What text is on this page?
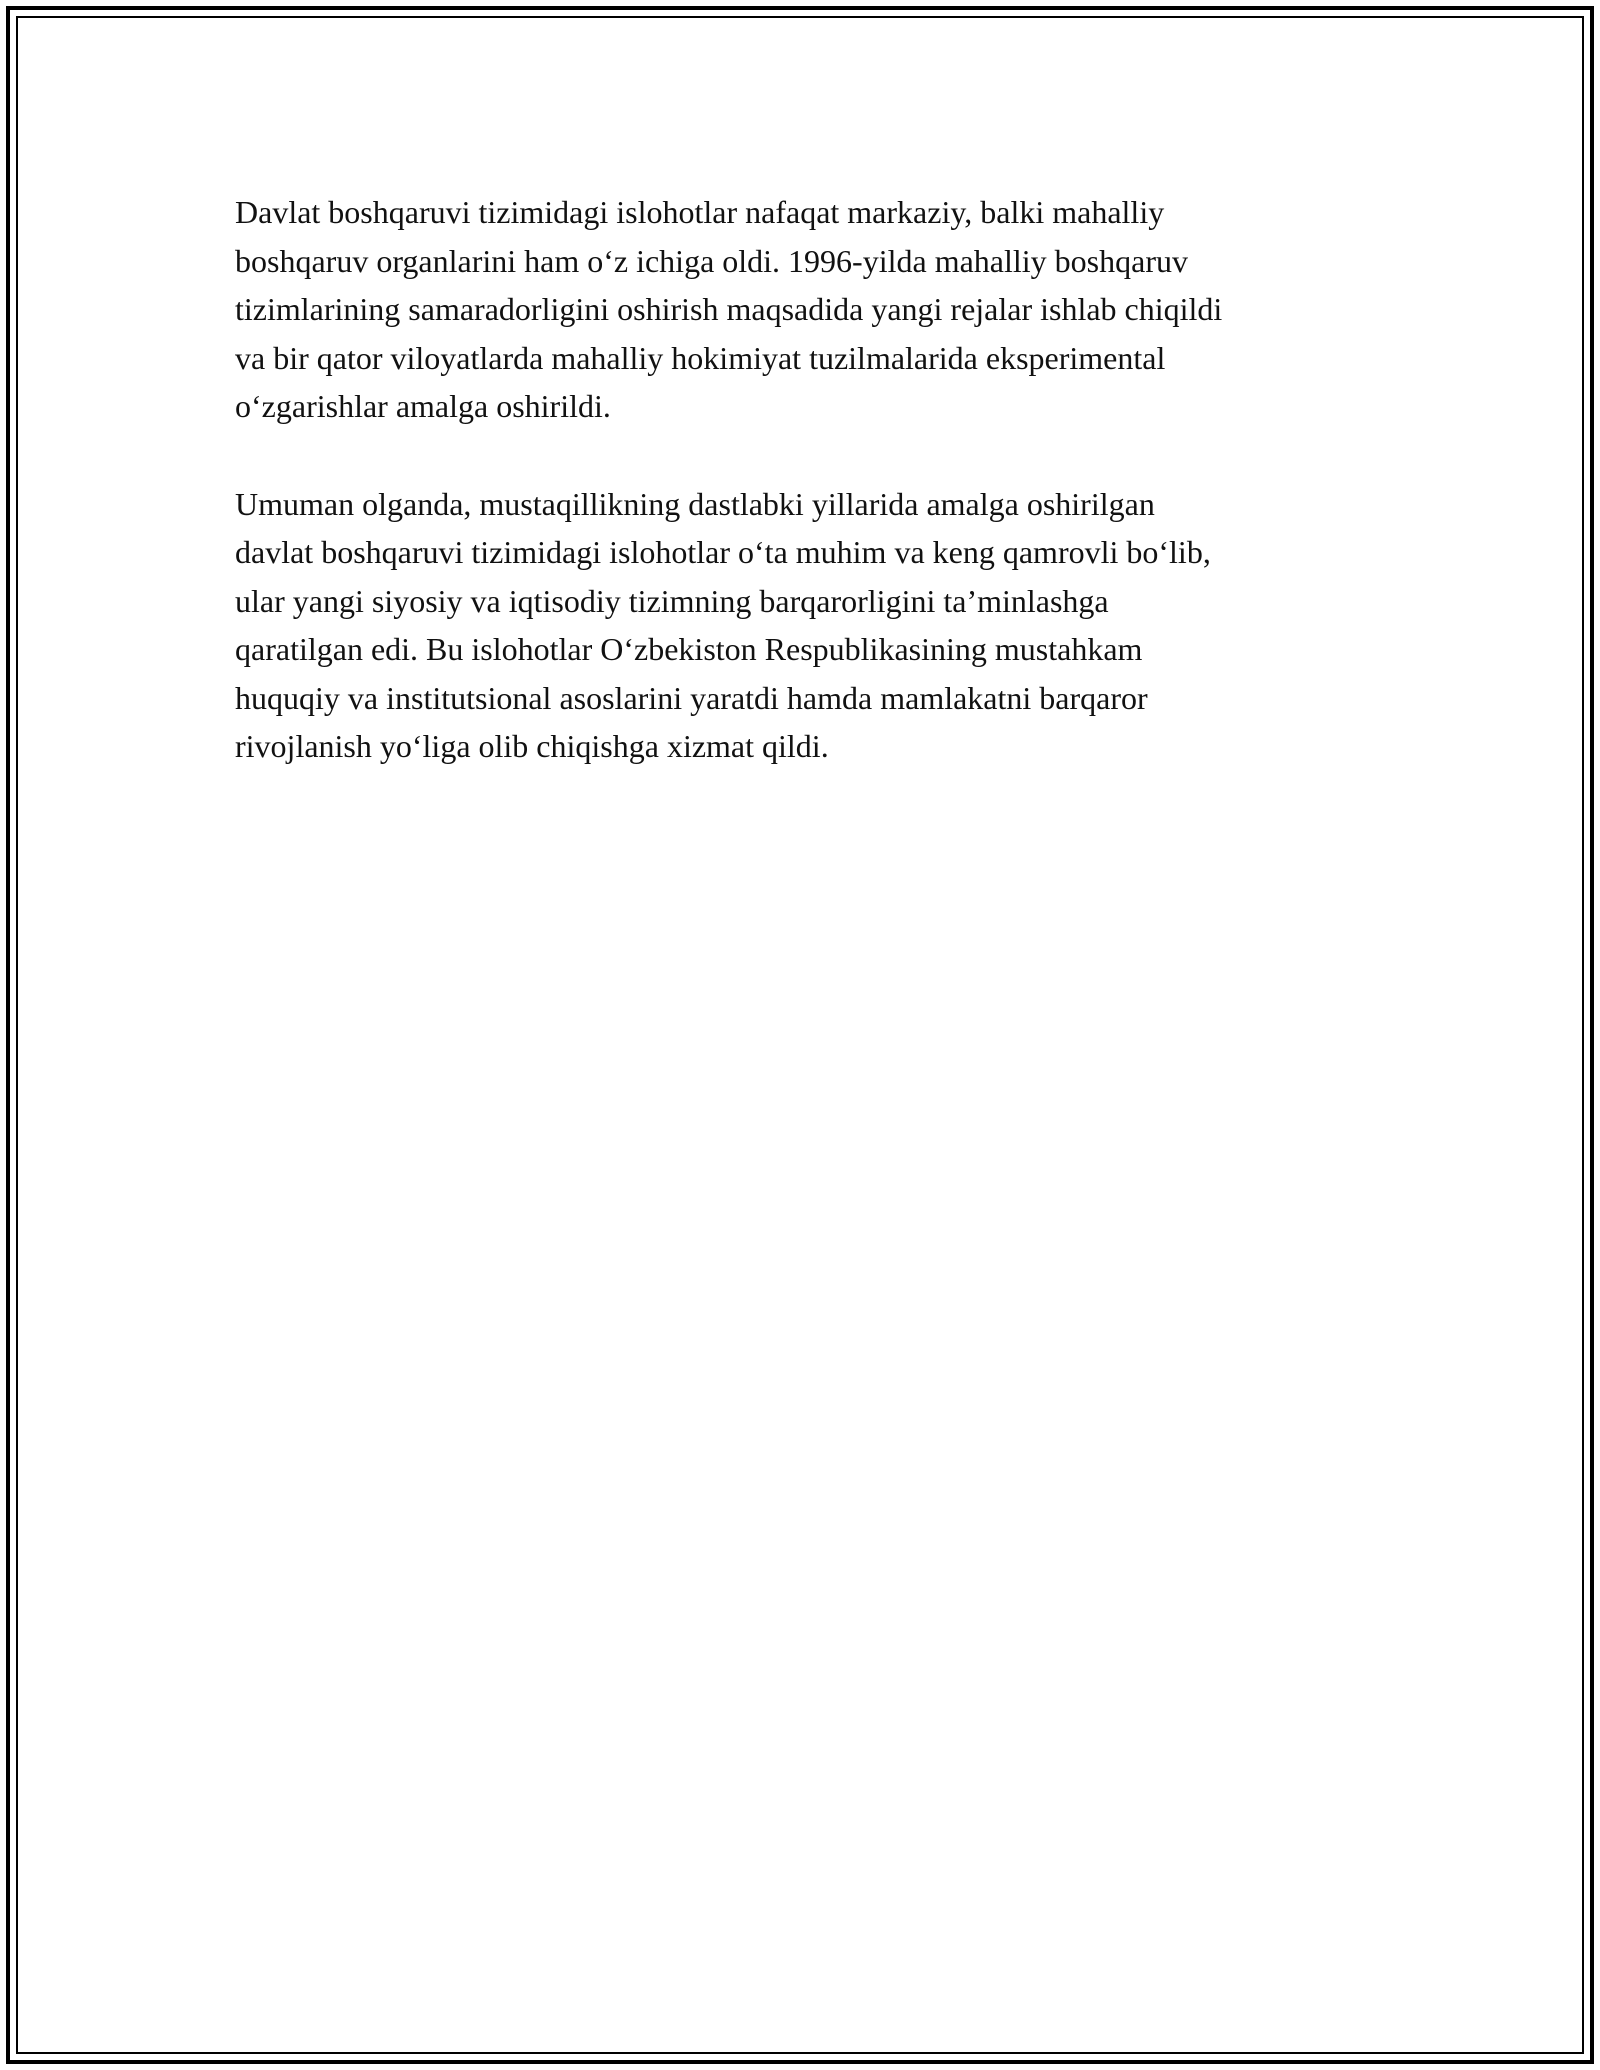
Davlat boshqaruvi tizimidagi islohotlar nafaqat markaziy, balki mahalliy
boshqaruv organlarini ham o‘z ichiga oldi. 1996-yilda mahalliy boshqaruv
tizimlarining samaradorligini oshirish maqsadida yangi rejalar ishlab chiqildi
va bir qator viloyatlarda mahalliy hokimiyat tuzilmalarida eksperimental
o‘zgarishlar amalga oshirildi.

Umuman olganda, mustaqillikning dastlabki yillarida amalga oshirilgan
davlat boshqaruvi tizimidagi islohotlar o‘ta muhim va keng qamrovli bo‘lib,
ular yangi siyosiy va iqtisodiy tizimning barqarorligini ta’minlashga
qaratilgan edi. Bu islohotlar O‘zbekiston Respublikasining mustahkam
huquqiy va institutsional asoslarini yaratdi hamda mamlakatni barqaror
rivojlanish yo‘liga olib chiqishga xizmat qildi.
